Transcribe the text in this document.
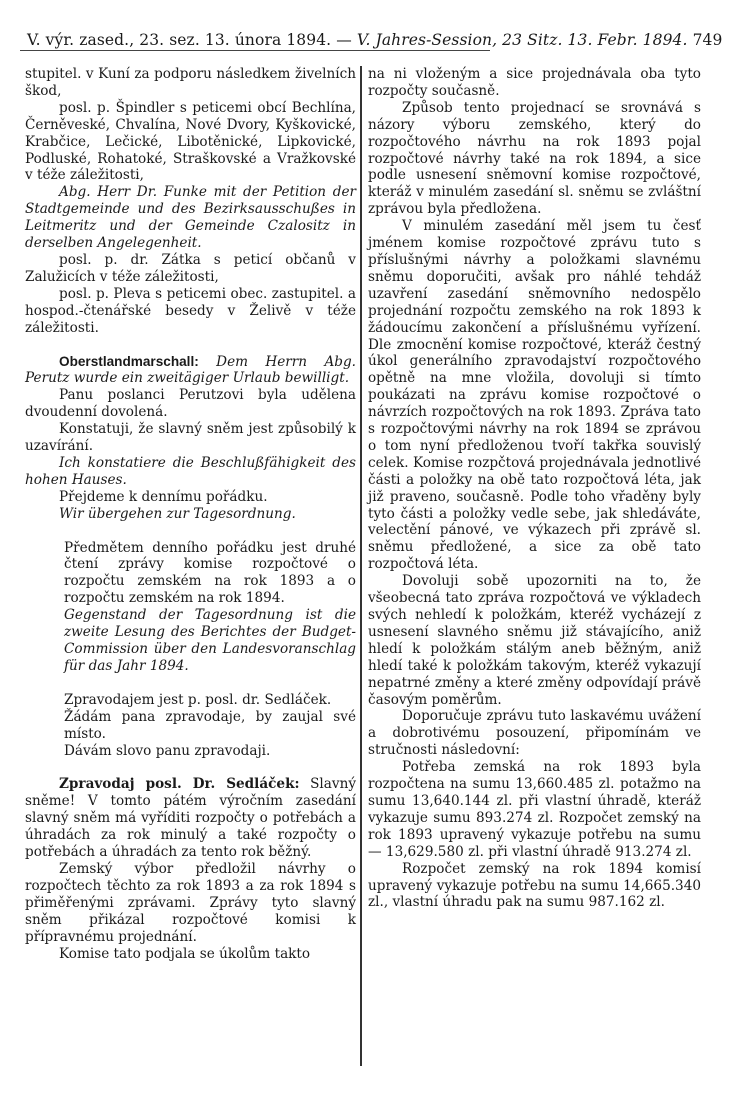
V. výr. zased., 23. sez. 13. února 1894. — V. Jahres-Session, 23 Sitz. 13. Febr. 1894. 749

stupitel. v Kuní za podporu následkem živelních škod,

posl. p. Špindler s peticemi obcí Bechlína, Černěveské, Chvalína, Nové Dvory, Kyškovické, Krabčice, Lečické, Libotěnické, Lipkovické, Podluské, Rohatoké, Straškovské a Vražkovské v téže záležitosti,

Abg. Herr Dr. Funke mit der Petition der Stadtgemeinde und des Bezirksausschußes in Leitmeritz und der Gemeinde Czalositz in derselben Angelegenheit.

posl. p. dr. Zátka s peticí občanů v Zalužicích v téže záležitosti,

posl. p. Pleva s peticemi obec. zastupitel. a hospod.-čtenářské besedy v Želivě v téže záležitosti.

Oberstlandmarschall: Dem Herrn Abg. Perutz wurde ein zweitägiger Urlaub bewilligt.

Panu poslanci Perutzovi byla udělena dvoudenní dovolená.

Konstatuji, že slavný sněm jest způsobilý k uzavírání.

Ich konstatiere die Beschlußfähigkeit des hohen Hauses.

Přejdeme k dennímu pořádku.

Wir übergehen zur Tagesordnung.

Předmětem denního pořádku jest druhé čtení zprávy komise rozpočtové o rozpočtu zemském na rok 1893 a o rozpočtu zemském na rok 1894.

Gegenstand der Tagesordnung ist die zweite Lesung des Berichtes der Budget-Commission über den Landesvoranschlag für das Jahr 1894.

Zpravodajem jest p. posl. dr. Sedláček.

Žádám pana zpravodaje, by zaujal své místo.

Dávám slovo panu zpravodaji.

Zpravodaj posl. Dr. Sedláček: Slavný sněme! V tomto pátém výročním zasedání slavný sněm má vyříditi rozpočty o potřebách a úhradách za rok minulý a také rozpočty o potřebách a úhradách za tento rok běžný.

Zemský výbor předložil návrhy o rozpočtech těchto za rok 1893 a za rok 1894 s přiměřenými zprávami. Zprávy tyto slavný sněm přikázal rozpočtové komisi k přípravnému projednání.

Komise tato podjala se úkolům takto

na ni vloženým a sice projednávala oba tyto rozpočty současně.

Způsob tento projednací se srovnává s názory výboru zemského, který do rozpočtového návrhu na rok 1893 pojal rozpočtové návrhy také na rok 1894, a sice podle usnesení sněmovní komise rozpočtové, kteráž v minulém zasedání sl. sněmu se zvláštní zprávou byla předložena.

V minulém zasedání měl jsem tu česť jménem komise rozpočtové zprávu tuto s příslušnými návrhy a položkami slavnému sněmu doporučiti, avšak pro náhlé tehdáž uzavření zasedání sněmovního nedospělo projednání rozpočtu zemského na rok 1893 k žádoucímu zakončení a příslušnému vyřízení. Dle zmocnění komise rozpočtové, kteráž čestný úkol generálního zpravodajství rozpočtového opětně na mne vložila, dovoluji si tímto poukázati na zprávu komise rozpočtové o návrzích rozpočtových na rok 1893. Zpráva tato s rozpočtovými návrhy na rok 1894 se zprávou o tom nyní předloženou tvoří takřka souvislý celek. Komise rozpčtová projednávala jednotlivé části a položky na obě tato rozpočtová léta, jak již praveno, současně. Podle toho vřaděny byly tyto části a položky vedle sebe, jak shledáváte, velectění pánové, ve výkazech při zprávě sl. sněmu předložené, a sice za obě tato rozpočtová léta.

Dovoluji sobě upozorniti na to, že všeobecná tato zpráva rozpočtová ve výkladech svých nehledí k položkám, kteréž vycházejí z usnesení slavného sněmu již stávajícího, aniž hledí k položkám stálým aneb běžným, aniž hledí také k položkám takovým, kteréž vykazují nepatrné změny a které změny odpovídají právě časovým poměrům.

Doporučuje zprávu tuto laskavému uvážení a dobrotivému posouzení, připomínám ve stručnosti následovní:

Potřeba zemská na rok 1893 byla rozpočtena na sumu 13,660.485 zl. potažmo na sumu 13,640.144 zl. při vlastní úhradě, kteráž vykazuje sumu 893.274 zl. Rozpočet zemský na rok 1893 upravený vykazuje potřebu na sumu — 13,629.580 zl. při vlastní úhradě 913.274 zl.

Rozpočet zemský na rok 1894 komisí upravený vykazuje potřebu na sumu 14,665.340 zl., vlastní úhradu pak na sumu 987.162 zl.
